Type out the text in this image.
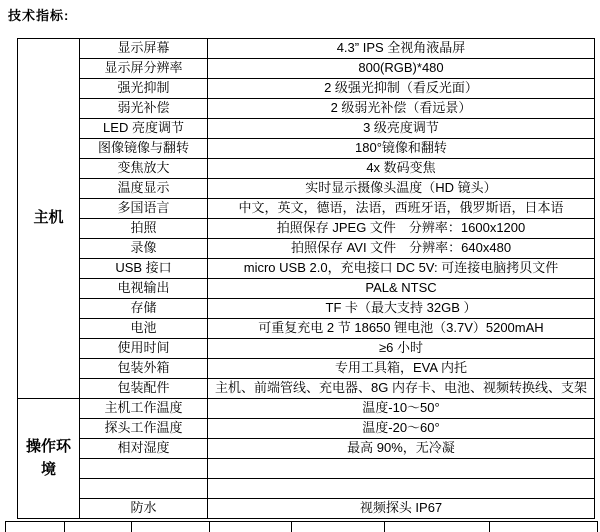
技术指标:
主机	显示屏幕	4.3” IPS 全视角液晶屏
	显示屏分辨率	800(RGB)*480
	强光抑制	2 级强光抑制（看反光面）
	弱光补偿	2 级弱光补偿（看远景）
	LED 亮度调节	3 级亮度调节
	图像镜像与翻转	180°镜像和翻转
	变焦放大	4x 数码变焦
	温度显示	实时显示摄像头温度（HD 镜头）
	多国语言	中文，英文，德语，法语，西班牙语，俄罗斯语，日本语
	拍照	拍照保存 JPEG 文件　分辨率：1600x1200
	录像	拍照保存 AVI 文件　分辨率：640x480
	USB 接口	micro USB 2.0，充电接口 DC 5V: 可连接电脑拷贝文件
	电视输出	PAL& NTSC
	存储	TF 卡（最大支持 32GB ）
	电池	可重复充电 2 节 18650 锂电池（3.7V）5200mAH
	使用时间	≥6 小时
	包装外箱	专用工具箱，EVA 内托
	包装配件	主机、前端管线、充电器、8G 内存卡、电池、视频转换线、支架
操作环境	主机工作温度	温度-10～50°
	探头工作温度	温度-20～60°
	相对湿度	最高 90%，无冷凝

	防水	视频探头 IP67
